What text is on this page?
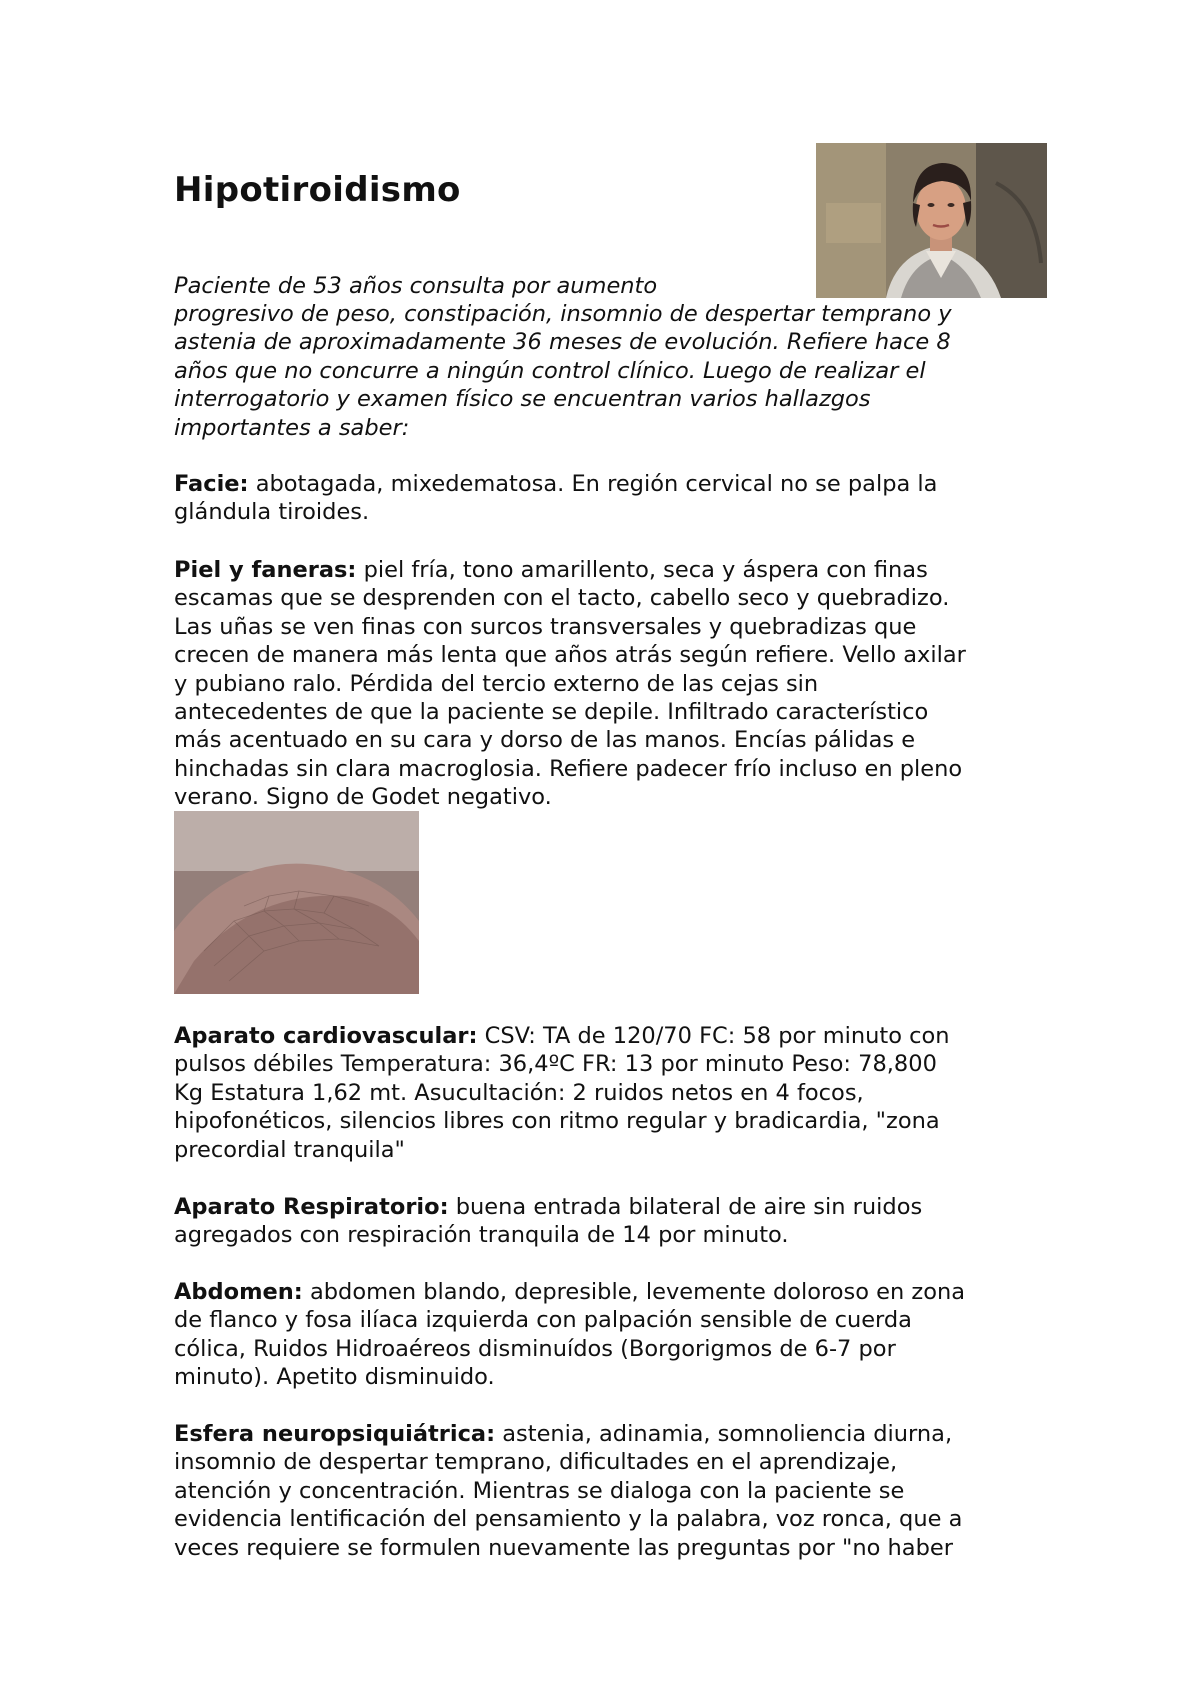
Hipotiroidismo
Paciente de 53 años consulta por aumento
progresivo de peso, constipación, insomnio de despertar temprano y
astenia de aproximadamente 36 meses de evolución. Refiere hace 8
años que no concurre a ningún control clínico. Luego de realizar el
interrogatorio y examen físico se encuentran varios hallazgos
importantes a saber:
Facie: abotagada, mixedematosa. En región cervical no se palpa la
glándula tiroides.
Piel y faneras: piel fría, tono amarillento, seca y áspera con finas
escamas que se desprenden con el tacto, cabello seco y quebradizo.
Las uñas se ven finas con surcos transversales y quebradizas que
crecen de manera más lenta que años atrás según refiere. Vello axilar
y pubiano ralo. Pérdida del tercio externo de las cejas sin
antecedentes de que la paciente se depile. Infiltrado característico
más acentuado en su cara y dorso de las manos. Encías pálidas e
hinchadas sin clara macroglosia. Refiere padecer frío incluso en pleno
verano. Signo de Godet negativo.
Aparato cardiovascular: CSV: TA de 120/70 FC: 58 por minuto con
pulsos débiles Temperatura: 36,4ºC FR: 13 por minuto Peso: 78,800
Kg Estatura 1,62 mt. Asucultación: 2 ruidos netos en 4 focos,
hipofonéticos, silencios libres con ritmo regular y bradicardia, "zona
precordial tranquila"
Aparato Respiratorio: buena entrada bilateral de aire sin ruidos
agregados con respiración tranquila de 14 por minuto.
Abdomen: abdomen blando, depresible, levemente doloroso en zona
de flanco y fosa ilíaca izquierda con palpación sensible de cuerda
cólica, Ruidos Hidroaéreos disminuídos (Borgorigmos de 6-7 por
minuto). Apetito disminuido.
Esfera neuropsiquiátrica: astenia, adinamia, somnoliencia diurna,
insomnio de despertar temprano, dificultades en el aprendizaje,
atención y concentración. Mientras se dialoga con la paciente se
evidencia lentificación del pensamiento y la palabra, voz ronca, que a
veces requiere se formulen nuevamente las preguntas por "no haber
